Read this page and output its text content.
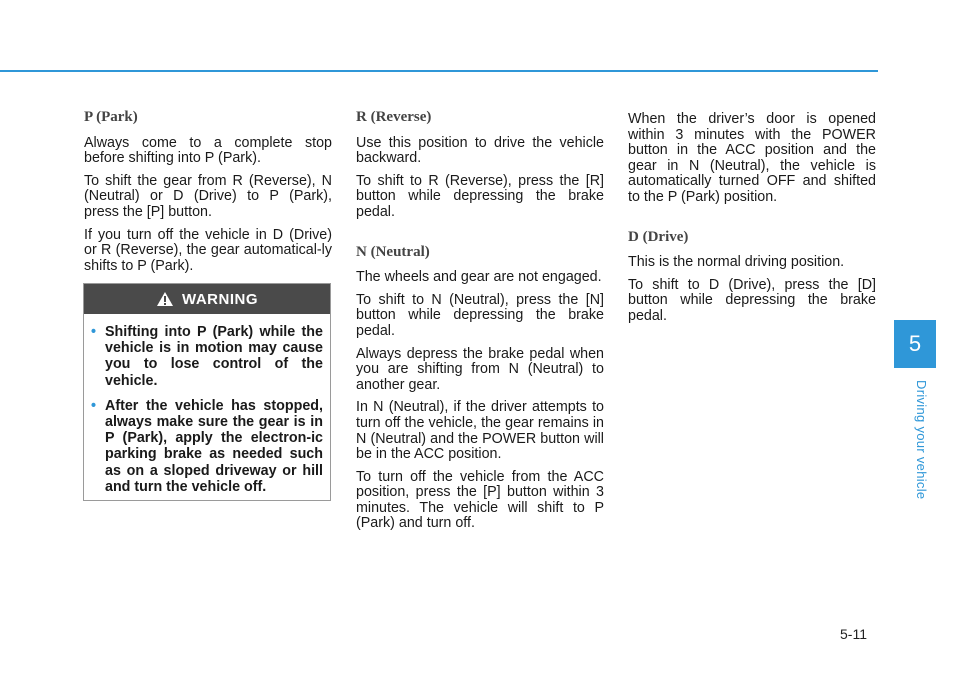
P (Park)

Always come to a complete stop before shifting into P (Park).

To shift the gear from R (Reverse), N (Neutral) or D (Drive) to P (Park), press the [P] button.

If you turn off the vehicle in D (Drive) or R (Reverse), the gear automatical-ly shifts to P (Park).

WARNING
• Shifting into P (Park) while the vehicle is in motion may cause you to lose control of the vehicle.
• After the vehicle has stopped, always make sure the gear is in P (Park), apply the electron-ic parking brake as needed such as on a sloped driveway or hill and turn the vehicle off.
R (Reverse)

Use this position to drive the vehicle backward.

To shift to R (Reverse), press the [R] button while depressing the brake pedal.

N (Neutral)

The wheels and gear are not engaged.

To shift to N (Neutral), press the [N] button while depressing the brake pedal.

Always depress the brake pedal when you are shifting from N (Neutral) to another gear.

In N (Neutral), if the driver attempts to turn off the vehicle, the gear remains in N (Neutral) and the POWER button will be in the ACC position.

To turn off the vehicle from the ACC position, press the [P] button within 3 minutes. The vehicle will shift to P (Park) and turn off.

When the driver’s door is opened within 3 minutes with the POWER button in the ACC position and the gear in N (Neutral), the vehicle is automatically turned OFF and shifted to the P (Park) position.

D (Drive)

This is the normal driving position.

To shift to D (Drive), press the [D] button while depressing the brake pedal.

5
Driving your vehicle
5-11
